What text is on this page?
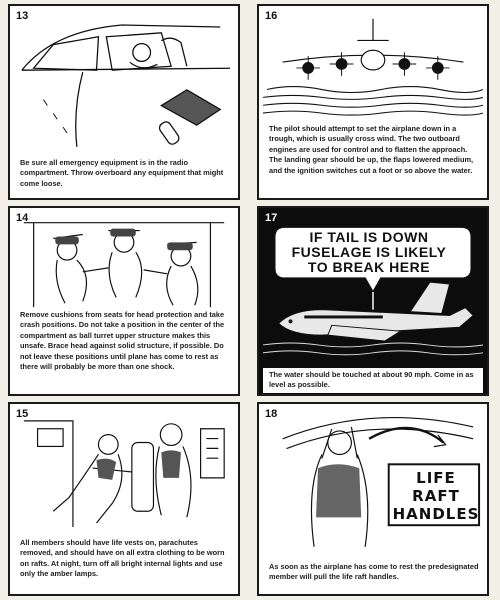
13
Be sure all emergency equipment is in the radio compartment. Throw overboard any equipment that might come loose.
16
The pilot should attempt to set the airplane down in a trough, which is usually cross wind. The two outboard engines are used for control and to flatten the approach. The landing gear should be up, the flaps lowered medium, and the ignition switches cut a foot or so above the water.
14
Remove cushions from seats for head protection and take crash positions. Do not take a position in the center of the compartment as ball turret upper structure makes this unsafe. Brace head against solid structure, if possible. Do not leave these positions until plane has come to rest as there will probably be more than one shock.
17
IF TAIL IS DOWN FUSELAGE IS LIKELY TO BREAK HERE
The water should be touched at about 90 mph. Come in as level as possible.
15
All members should have life vests on, parachutes removed, and should have on all extra clothing to be worn on rafts. At night, turn off all bright internal lights and use only the amber lamps.
18
LIFE RAFT HANDLES
As soon as the airplane has come to rest the predesignated member will pull the life raft handles.
